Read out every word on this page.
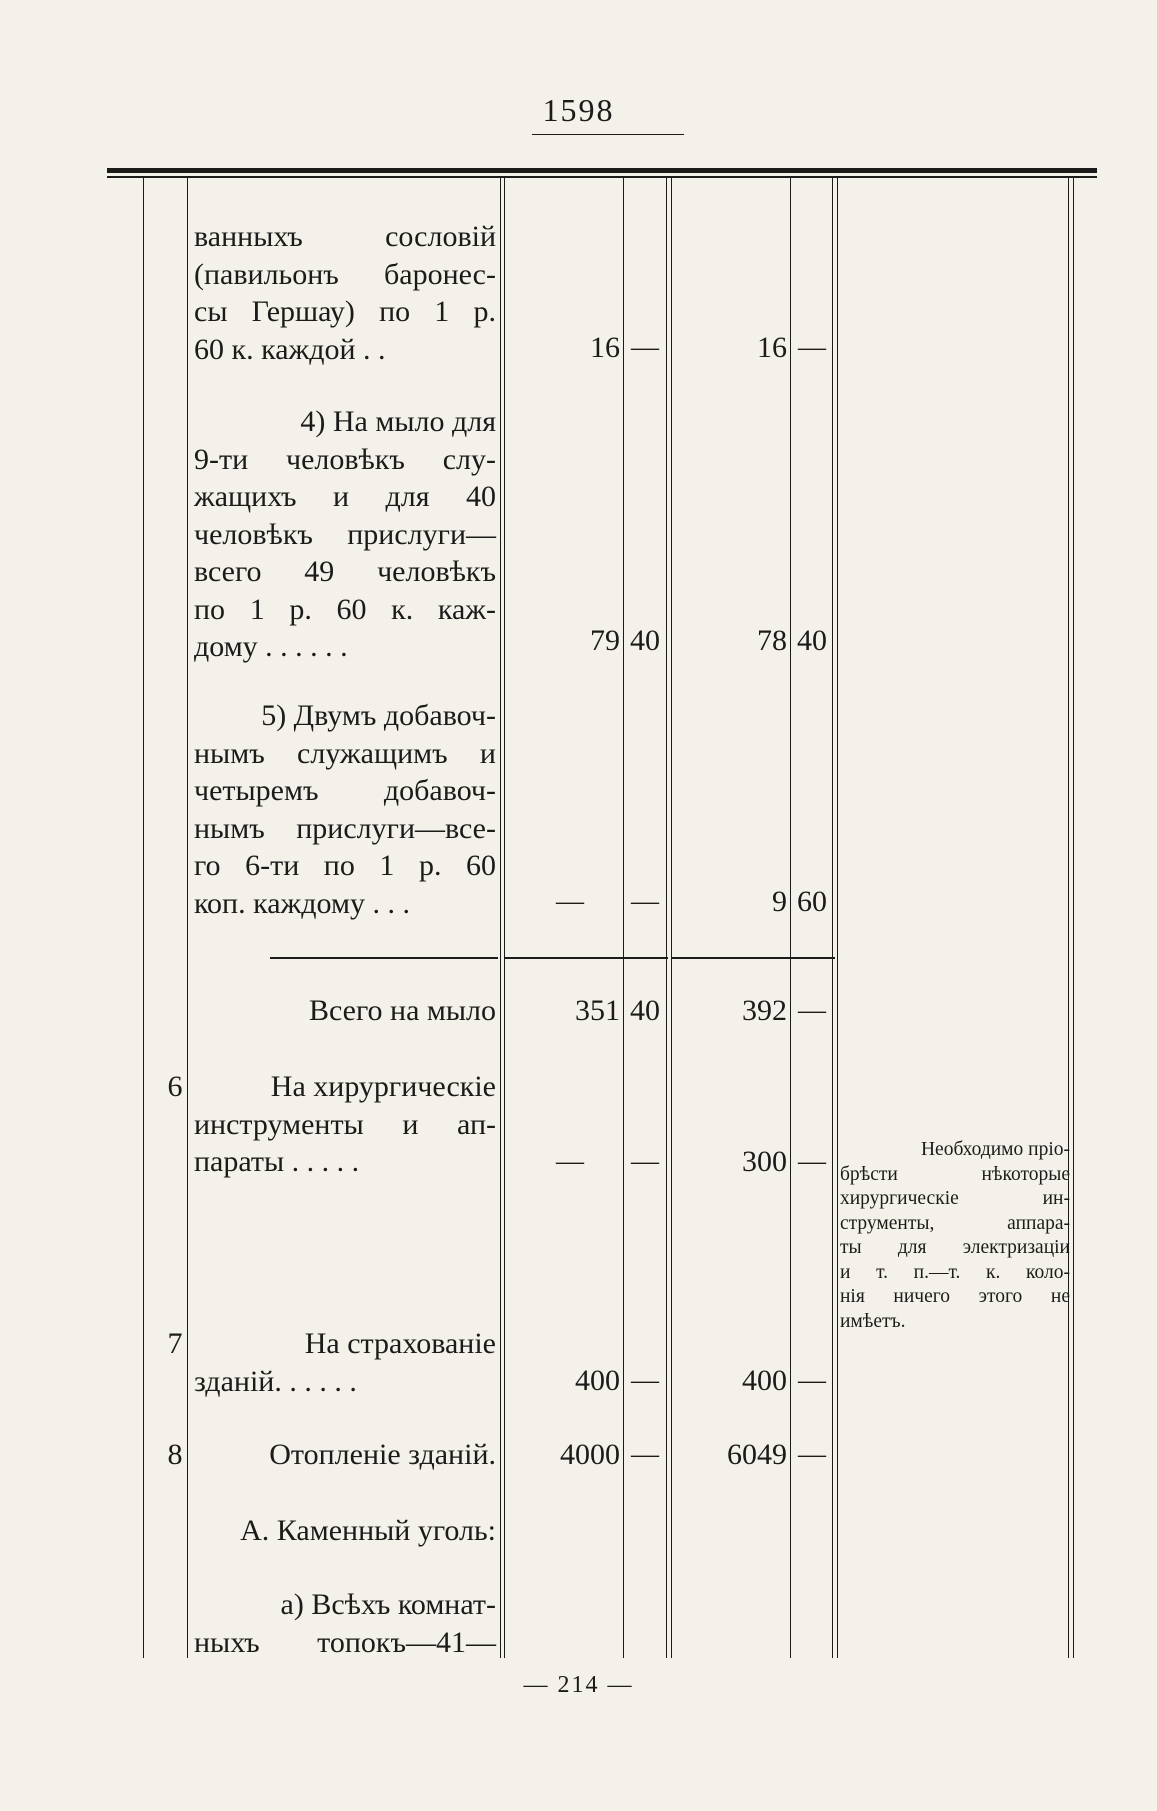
1598
ванныхъ сословій
(павильонъ баронес-
сы Гершау) по 1 р.
60 к. каждой . .	16 —	16 —
4) На мыло для
9-ти человѣкъ слу-
жащихъ и для 40
человѣкъ прислуги—
всего 49 человѣкъ
по 1 р. 60 к. каж-
дому . . . . . .	79 40	78 40
5) Двумъ добавоч-
нымъ служащимъ и
четыремъ добавоч-
нымъ прислуги—все-
го 6-ти по 1 р. 60
коп. каждому . . .	—	—	9 60
Всего на мыло	351 40	392 —
6	На хирургическіе
инструменты и ап-
параты . . . . .	—	—	300 —	Необходимо пріо-
брѣсти нѣкоторые
хирургическіе ин-
струменты, аппара-
ты для электризаціи
и т. п.—т. к. коло-
нія ничего этого не
имѣетъ.
7	На страхованіе
зданій. . . . . .	400 —	400 —
8	Отопленіе зданій.	4000 —	6049 —
А. Каменный уголь:
а) Всѣхъ комнат-
ныхъ топокъ—41—
— 214 —
